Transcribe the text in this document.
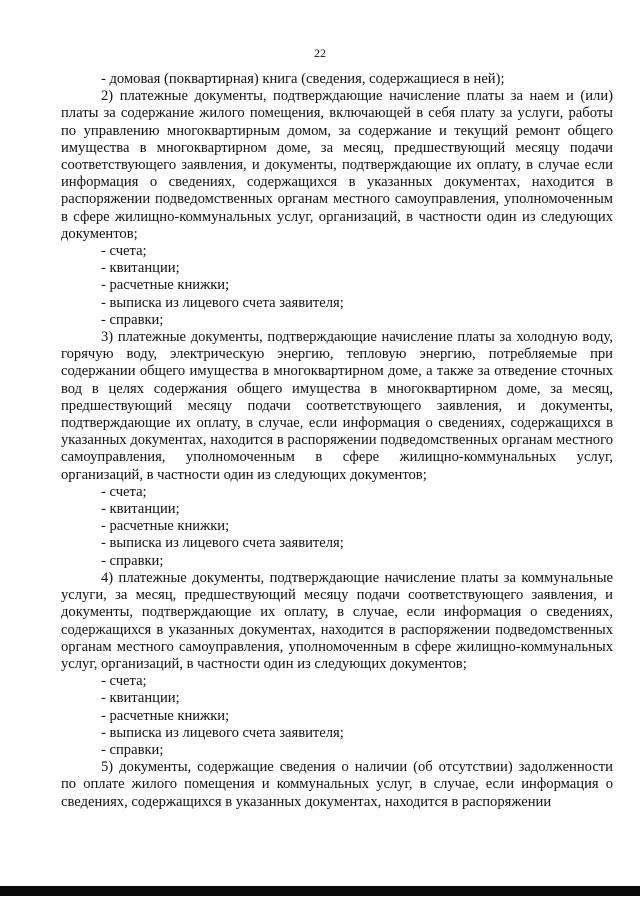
22

- домовая (поквартирная) книга (сведения, содержащиеся в ней);

2) платежные документы, подтверждающие начисление платы за наем и (или) платы за содержание жилого помещения, включающей в себя плату за услуги, работы по управлению многоквартирным домом, за содержание и текущий ремонт общего имущества в многоквартирном доме, за месяц, предшествующий месяцу подачи соответствующего заявления, и документы, подтверждающие их оплату, в случае если информация о сведениях, содержащихся в указанных документах, находится в распоряжении подведомственных органам местного самоуправления, уполномоченным в сфере жилищно-коммунальных услуг, организаций, в частности один из следующих документов;

- счета;

- квитанции;

- расчетные книжки;

- выписка из лицевого счета заявителя;

- справки;

3) платежные документы, подтверждающие начисление платы за холодную воду, горячую воду, электрическую энергию, тепловую энергию, потребляемые при содержании общего имущества в многоквартирном доме, а также за отведение сточных вод в целях содержания общего имущества в многоквартирном доме, за месяц, предшествующий месяцу подачи соответствующего заявления, и документы, подтверждающие их оплату, в случае, если информация о сведениях, содержащихся в указанных документах, находится в распоряжении подведомственных органам местного самоуправления, уполномоченным в сфере жилищно-коммунальных услуг, организаций, в частности один из следующих документов;

- счета;

- квитанции;

- расчетные книжки;

- выписка из лицевого счета заявителя;

- справки;

4) платежные документы, подтверждающие начисление платы за коммунальные услуги, за месяц, предшествующий месяцу подачи соответствующего заявления, и документы, подтверждающие их оплату, в случае, если информация о сведениях, содержащихся в указанных документах, находится в распоряжении подведомственных органам местного самоуправления, уполномоченным в сфере жилищно-коммунальных услуг, организаций, в частности один из следующих документов;

- счета;

- квитанции;

- расчетные книжки;

- выписка из лицевого счета заявителя;

- справки;

5) документы, содержащие сведения о наличии (об отсутствии) задолженности по оплате жилого помещения и коммунальных услуг, в случае, если информация о сведениях, содержащихся в указанных документах, находится в распоряжении
